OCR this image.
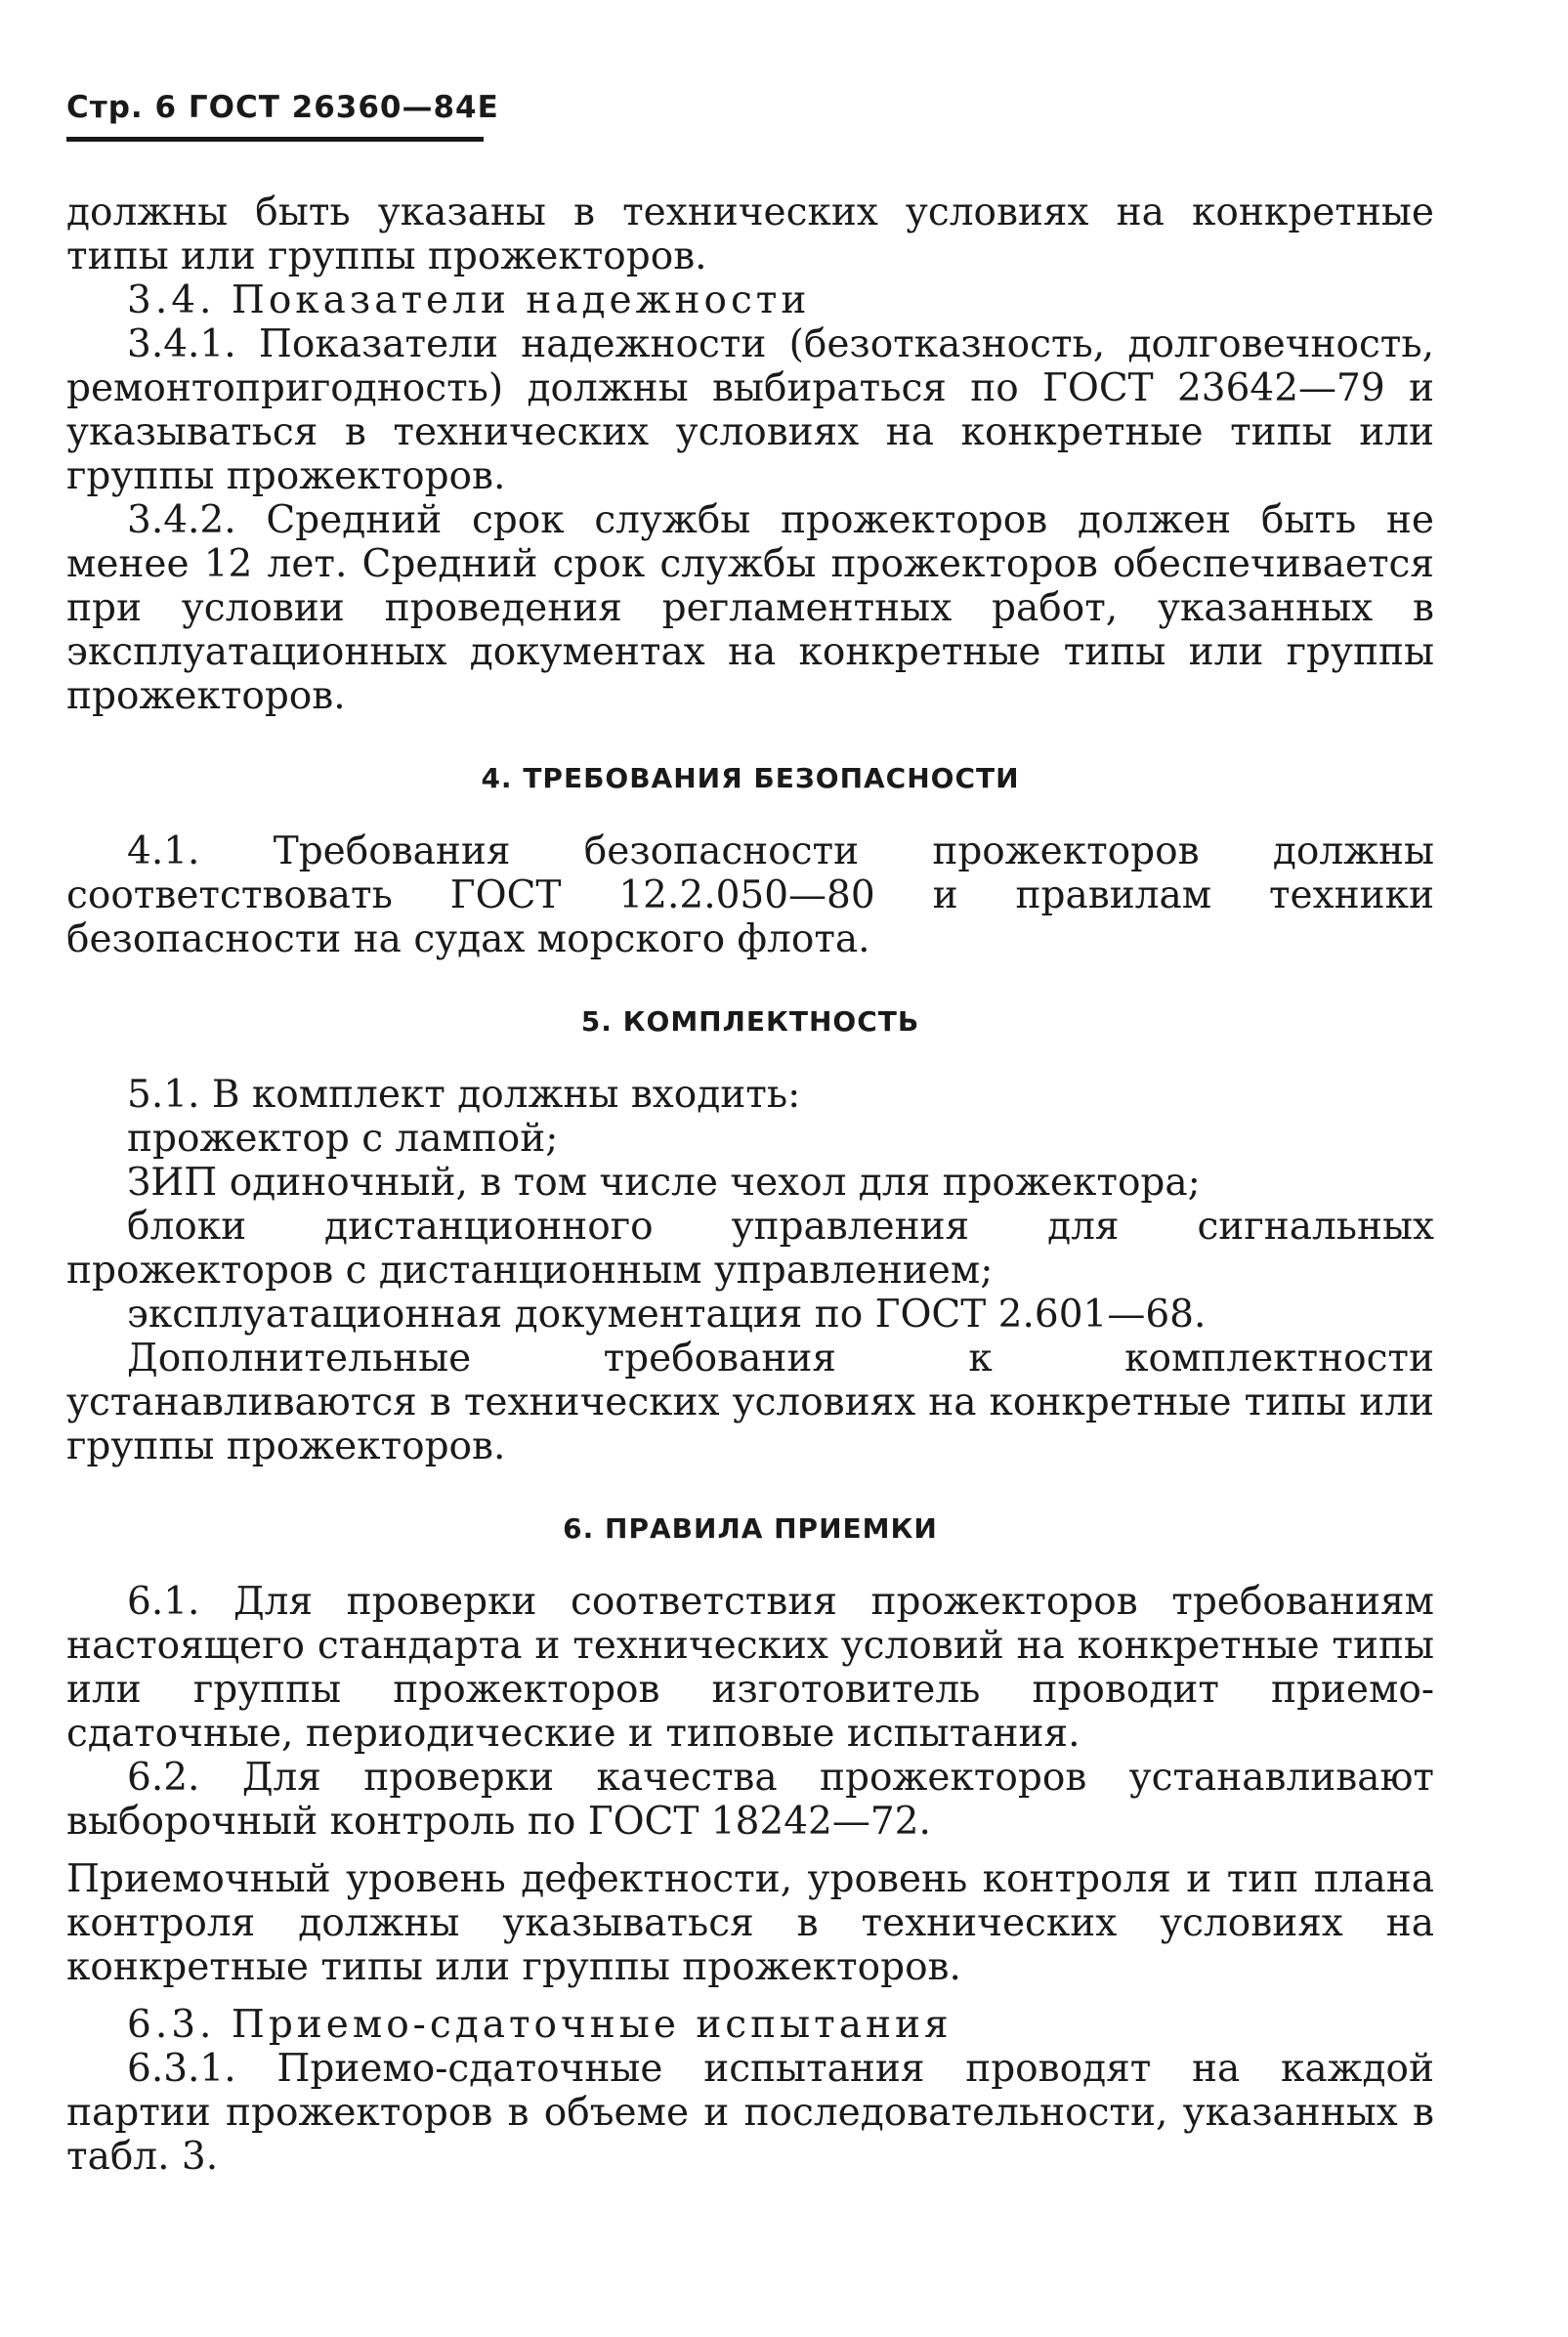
Стр. 6 ГОСТ 26360—84Е

должны быть указаны в технических условиях на конкретные типы или группы прожекторов.

3.4. Показатели надежности

3.4.1. Показатели надежности (безотказность, долговечность, ремонтопригодность) должны выбираться по ГОСТ 23642—79 и указываться в технических условиях на конкретные типы или группы прожекторов.

3.4.2. Средний срок службы прожекторов должен быть не менее 12 лет. Средний срок службы прожекторов обеспечивается при условии проведения регламентных работ, указанных в эксплуатационных документах на конкретные типы или группы прожекторов.

4. ТРЕБОВАНИЯ БЕЗОПАСНОСТИ

4.1. Требования безопасности прожекторов должны соответствовать ГОСТ 12.2.050—80 и правилам техники безопасности на судах морского флота.

5. КОМПЛЕКТНОСТЬ

5.1. В комплект должны входить:

прожектор с лампой;

ЗИП одиночный, в том числе чехол для прожектора;

блоки дистанционного управления для сигнальных прожекторов с дистанционным управлением;

эксплуатационная документация по ГОСТ 2.601—68.

Дополнительные требования к комплектности устанавливаются в технических условиях на конкретные типы или группы прожекторов.

6. ПРАВИЛА ПРИЕМКИ

6.1. Для проверки соответствия прожекторов требованиям настоящего стандарта и технических условий на конкретные типы или группы прожекторов изготовитель проводит приемо-сдаточные, периодические и типовые испытания.

6.2. Для проверки качества прожекторов устанавливают выборочный контроль по ГОСТ 18242—72.

Приемочный уровень дефектности, уровень контроля и тип плана контроля должны указываться в технических условиях на конкретные типы или группы прожекторов.

6.3. Приемо-сдаточные испытания

6.3.1. Приемо-сдаточные испытания проводят на каждой партии прожекторов в объеме и последовательности, указанных в табл. 3.
